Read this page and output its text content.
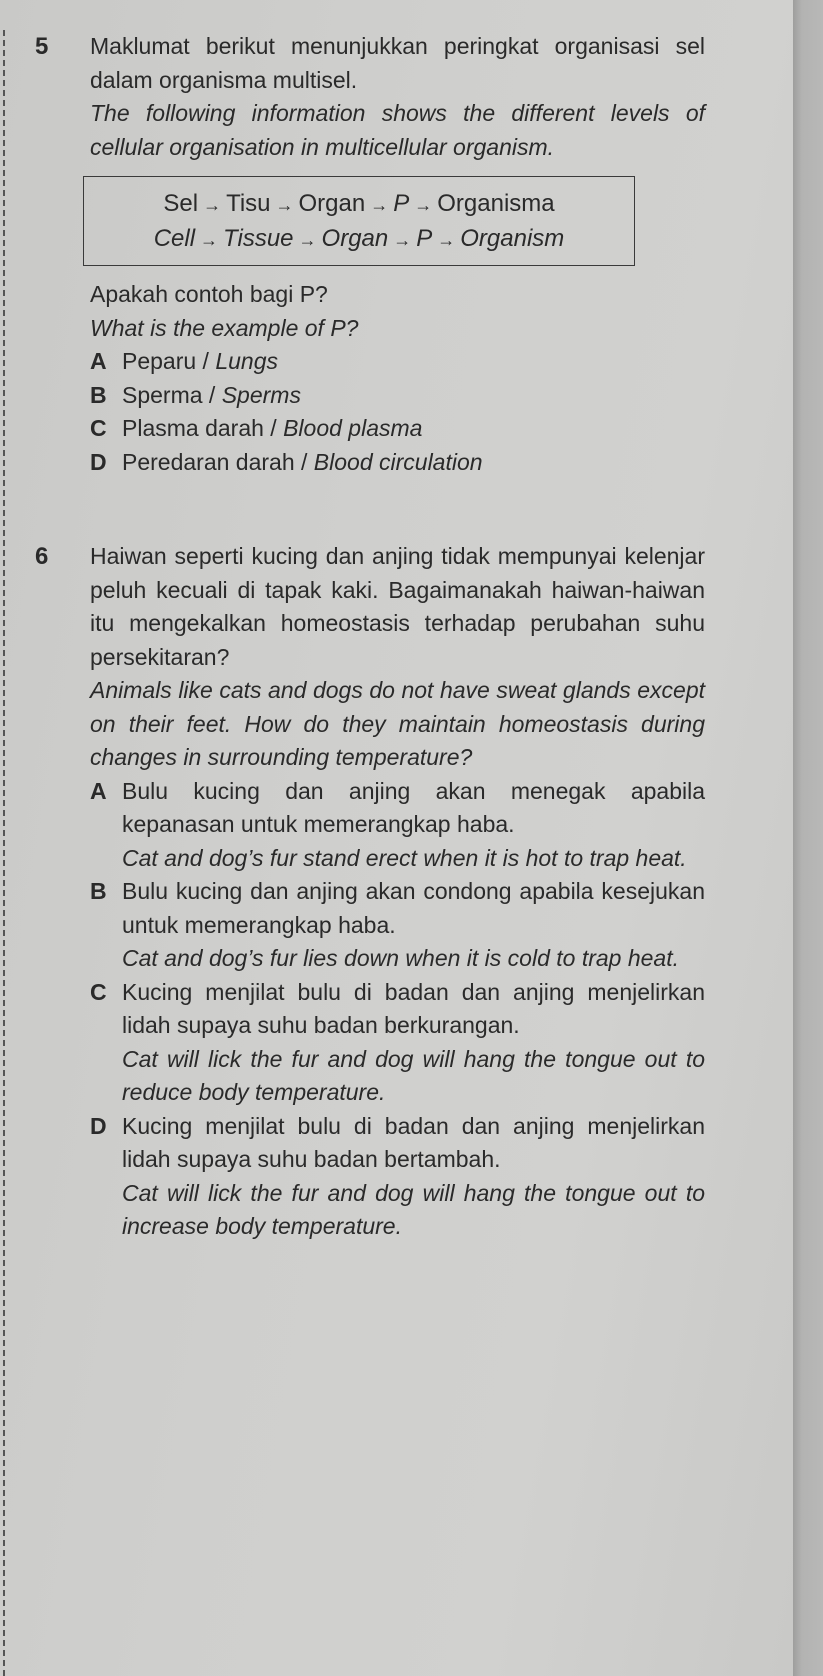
5 Maklumat berikut menunjukkan peringkat organisasi sel dalam organisma multisel.

The following information shows the different levels of cellular organisation in multicellular organism.

Sel → Tisu → Organ → P → Organisma
Cell → Tissue → Organ → P → Organism

Apakah contoh bagi P?

What is the example of P?

A Peparu / Lungs
B Sperma / Sperms
C Plasma darah / Blood plasma
D Peredaran darah / Blood circulation
6 Haiwan seperti kucing dan anjing tidak mempunyai kelenjar peluh kecuali di tapak kaki. Bagaimanakah haiwan-haiwan itu mengekalkan homeostasis terhadap perubahan suhu persekitaran?

Animals like cats and dogs do not have sweat glands except on their feet. How do they maintain homeostasis during changes in surrounding temperature?

A Bulu kucing dan anjing akan menegak apabila kepanasan untuk memerangkap haba.
Cat and dog’s fur stand erect when it is hot to trap heat.
B Bulu kucing dan anjing akan condong apabila kesejukan untuk memerangkap haba.
Cat and dog’s fur lies down when it is cold to trap heat.
C Kucing menjilat bulu di badan dan anjing menjelirkan lidah supaya suhu badan berkurangan.
Cat will lick the fur and dog will hang the tongue out to reduce body temperature.
D Kucing menjilat bulu di badan dan anjing menjelirkan lidah supaya suhu badan bertambah.
Cat will lick the fur and dog will hang the tongue out to increase body temperature.
